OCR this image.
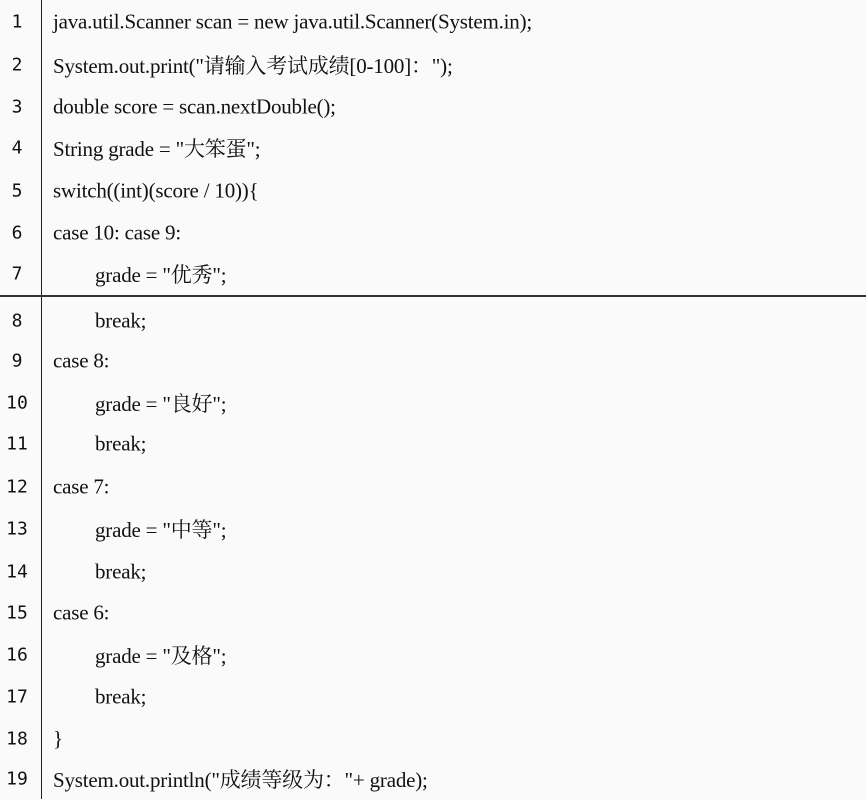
1	java.util.Scanner scan = new java.util.Scanner(System.in);
2	System.out.print("请输入考试成绩[0-100]：");
3	double score = scan.nextDouble();
4	String grade = "大笨蛋";
5	switch((int)(score / 10)){
6	case 10: case 9:
7	grade = "优秀";
8	break;
9	case 8:
10	grade = "良好";
11	break;
12 case 7:
13	grade = "中等";
14	break;
15 case 6:
16	grade = "及格";
17	break;
18 }
19 System.out.println("成绩等级为："+ grade);
